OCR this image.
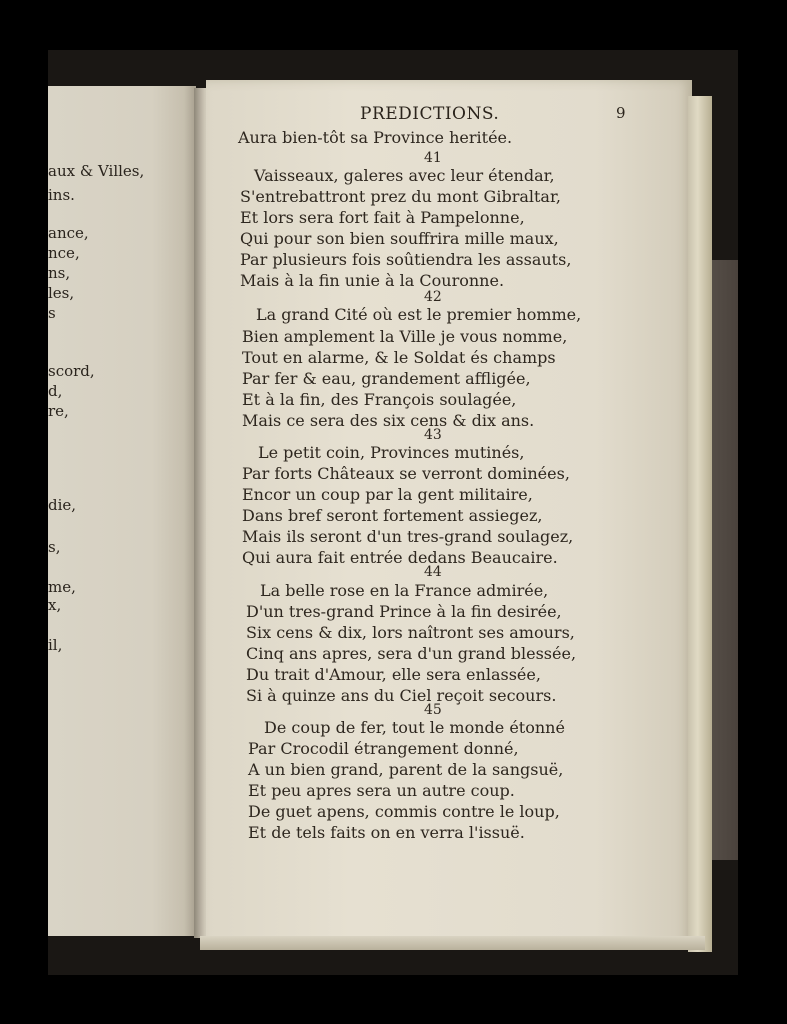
aux & Villes,
ins.
ance,
nce,
ns,
les,
s
scord,
d,
re,
die,
s,
me,
x,
il,
PREDICTIONS.	9
Aura bien-tôt sa Province heritée.
41
Vaisseaux, galeres avec leur étendar,
S'entrebattront prez du mont Gibraltar,
Et lors sera fort fait à Pampelonne,
Qui pour son bien souffrira mille maux,
Par plusieurs fois soûtiendra les assauts,
Mais à la fin unie à la Couronne.
42
La grand Cité où est le premier homme,
Bien amplement la Ville je vous nomme,
Tout en alarme, & le Soldat és champs
Par fer & eau, grandement affligée,
Et à la fin, des François soulagée,
Mais ce sera des six cens & dix ans.
43
Le petit coin, Provinces mutinés,
Par forts Châteaux se verront dominées,
Encor un coup par la gent militaire,
Dans bref seront fortement assiegez,
Mais ils seront d'un tres-grand soulagez,
Qui aura fait entrée dedans Beaucaire.
44
La belle rose en la France admirée,
D'un tres-grand Prince à la fin desirée,
Six cens & dix, lors naîtront ses amours,
Cinq ans apres, sera d'un grand blessée,
Du trait d'Amour, elle sera enlassée,
Si à quinze ans du Ciel reçoit secours.
45
De coup de fer, tout le monde étonné
Par Crocodil étrangement donné,
A un bien grand, parent de la sangsuë,
Et peu apres sera un autre coup.
De guet apens, commis contre le loup,
Et de tels faits on en verra l'issuë.
